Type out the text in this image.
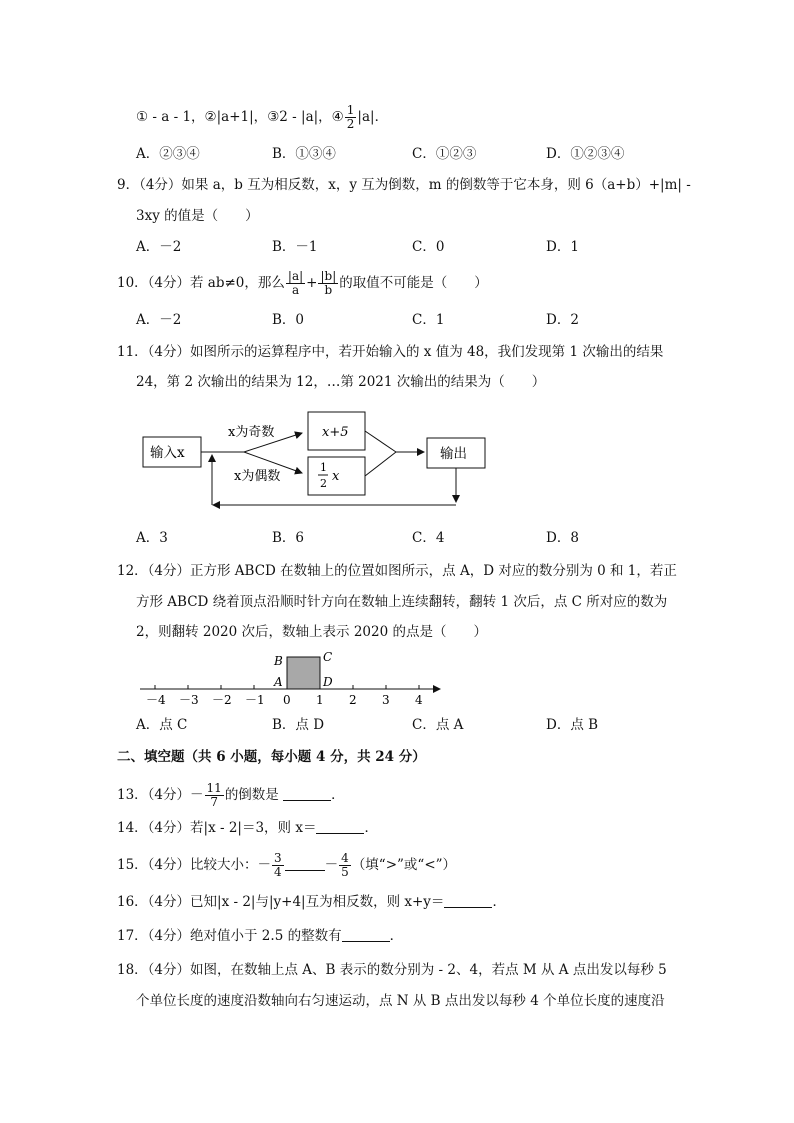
① - a - 1，②|a+1|，③2 - |a|，④ $\frac{1}{2} |a|$．
A．②③④	B．①③④	C．①②③	D．①②③④
9．（4分）如果 a，b 互为相反数，x，y 互为倒数，m 的倒数等于它本身，则 6（a+b）+|m| -
3xy 的值是（　　）
A．－2	B．－1	C．0	D．1
10．（4分）若 ab≠0，那么 $\frac{|a|}{a} + \frac{|b|}{b}$ 的取值不可能是（　　）
A．－2	B．0	C．1	D．2
11．（4分）如图所示的运算程序中，若开始输入的 x 值为 48，我们发现第 1 次输出的结果
24，第 2 次输出的结果为 12，…第 2021 次输出的结果为（　　）
输入x
x为奇数
x为偶数
x+5
1
2 x
输出
A．3	B．6	C．4	D．8
12．（4分）正方形 ABCD 在数轴上的位置如图所示，点 A，D 对应的数分别为 0 和 1，若正
方形 ABCD 绕着顶点沿顺时针方向在数轴上连续翻转，翻转 1 次后，点 C 所对应的数为
2，则翻转 2020 次后，数轴上表示 2020 的点是（　　）
－4 －3 －2 －1 0 1 2 3 4
A
B	C
D
A．点 C	B．点 D	C．点 A	D．点 B
二、填空题（共 6 小题，每小题 4 分，共 24 分）
13．（4分）－ $\frac{11}{7}$ 的倒数是	．
14．（4分）若|x - 2|＝3，则 x＝	．
15．（4分）比较大小：－ $\frac{3}{4}$	－ $\frac{4}{5}$ （填“>”或“<”）
16．（4分）已知|x - 2|与|y+4|互为相反数，则 x+y＝	．
17．（4分）绝对值小于 2.5 的整数有	．
18．（4分）如图，在数轴上点 A、B 表示的数分别为 - 2、4，若点 M 从 A 点出发以每秒 5
个单位长度的速度沿数轴向右匀速运动，点 N 从 B 点出发以每秒 4 个单位长度的速度沿
